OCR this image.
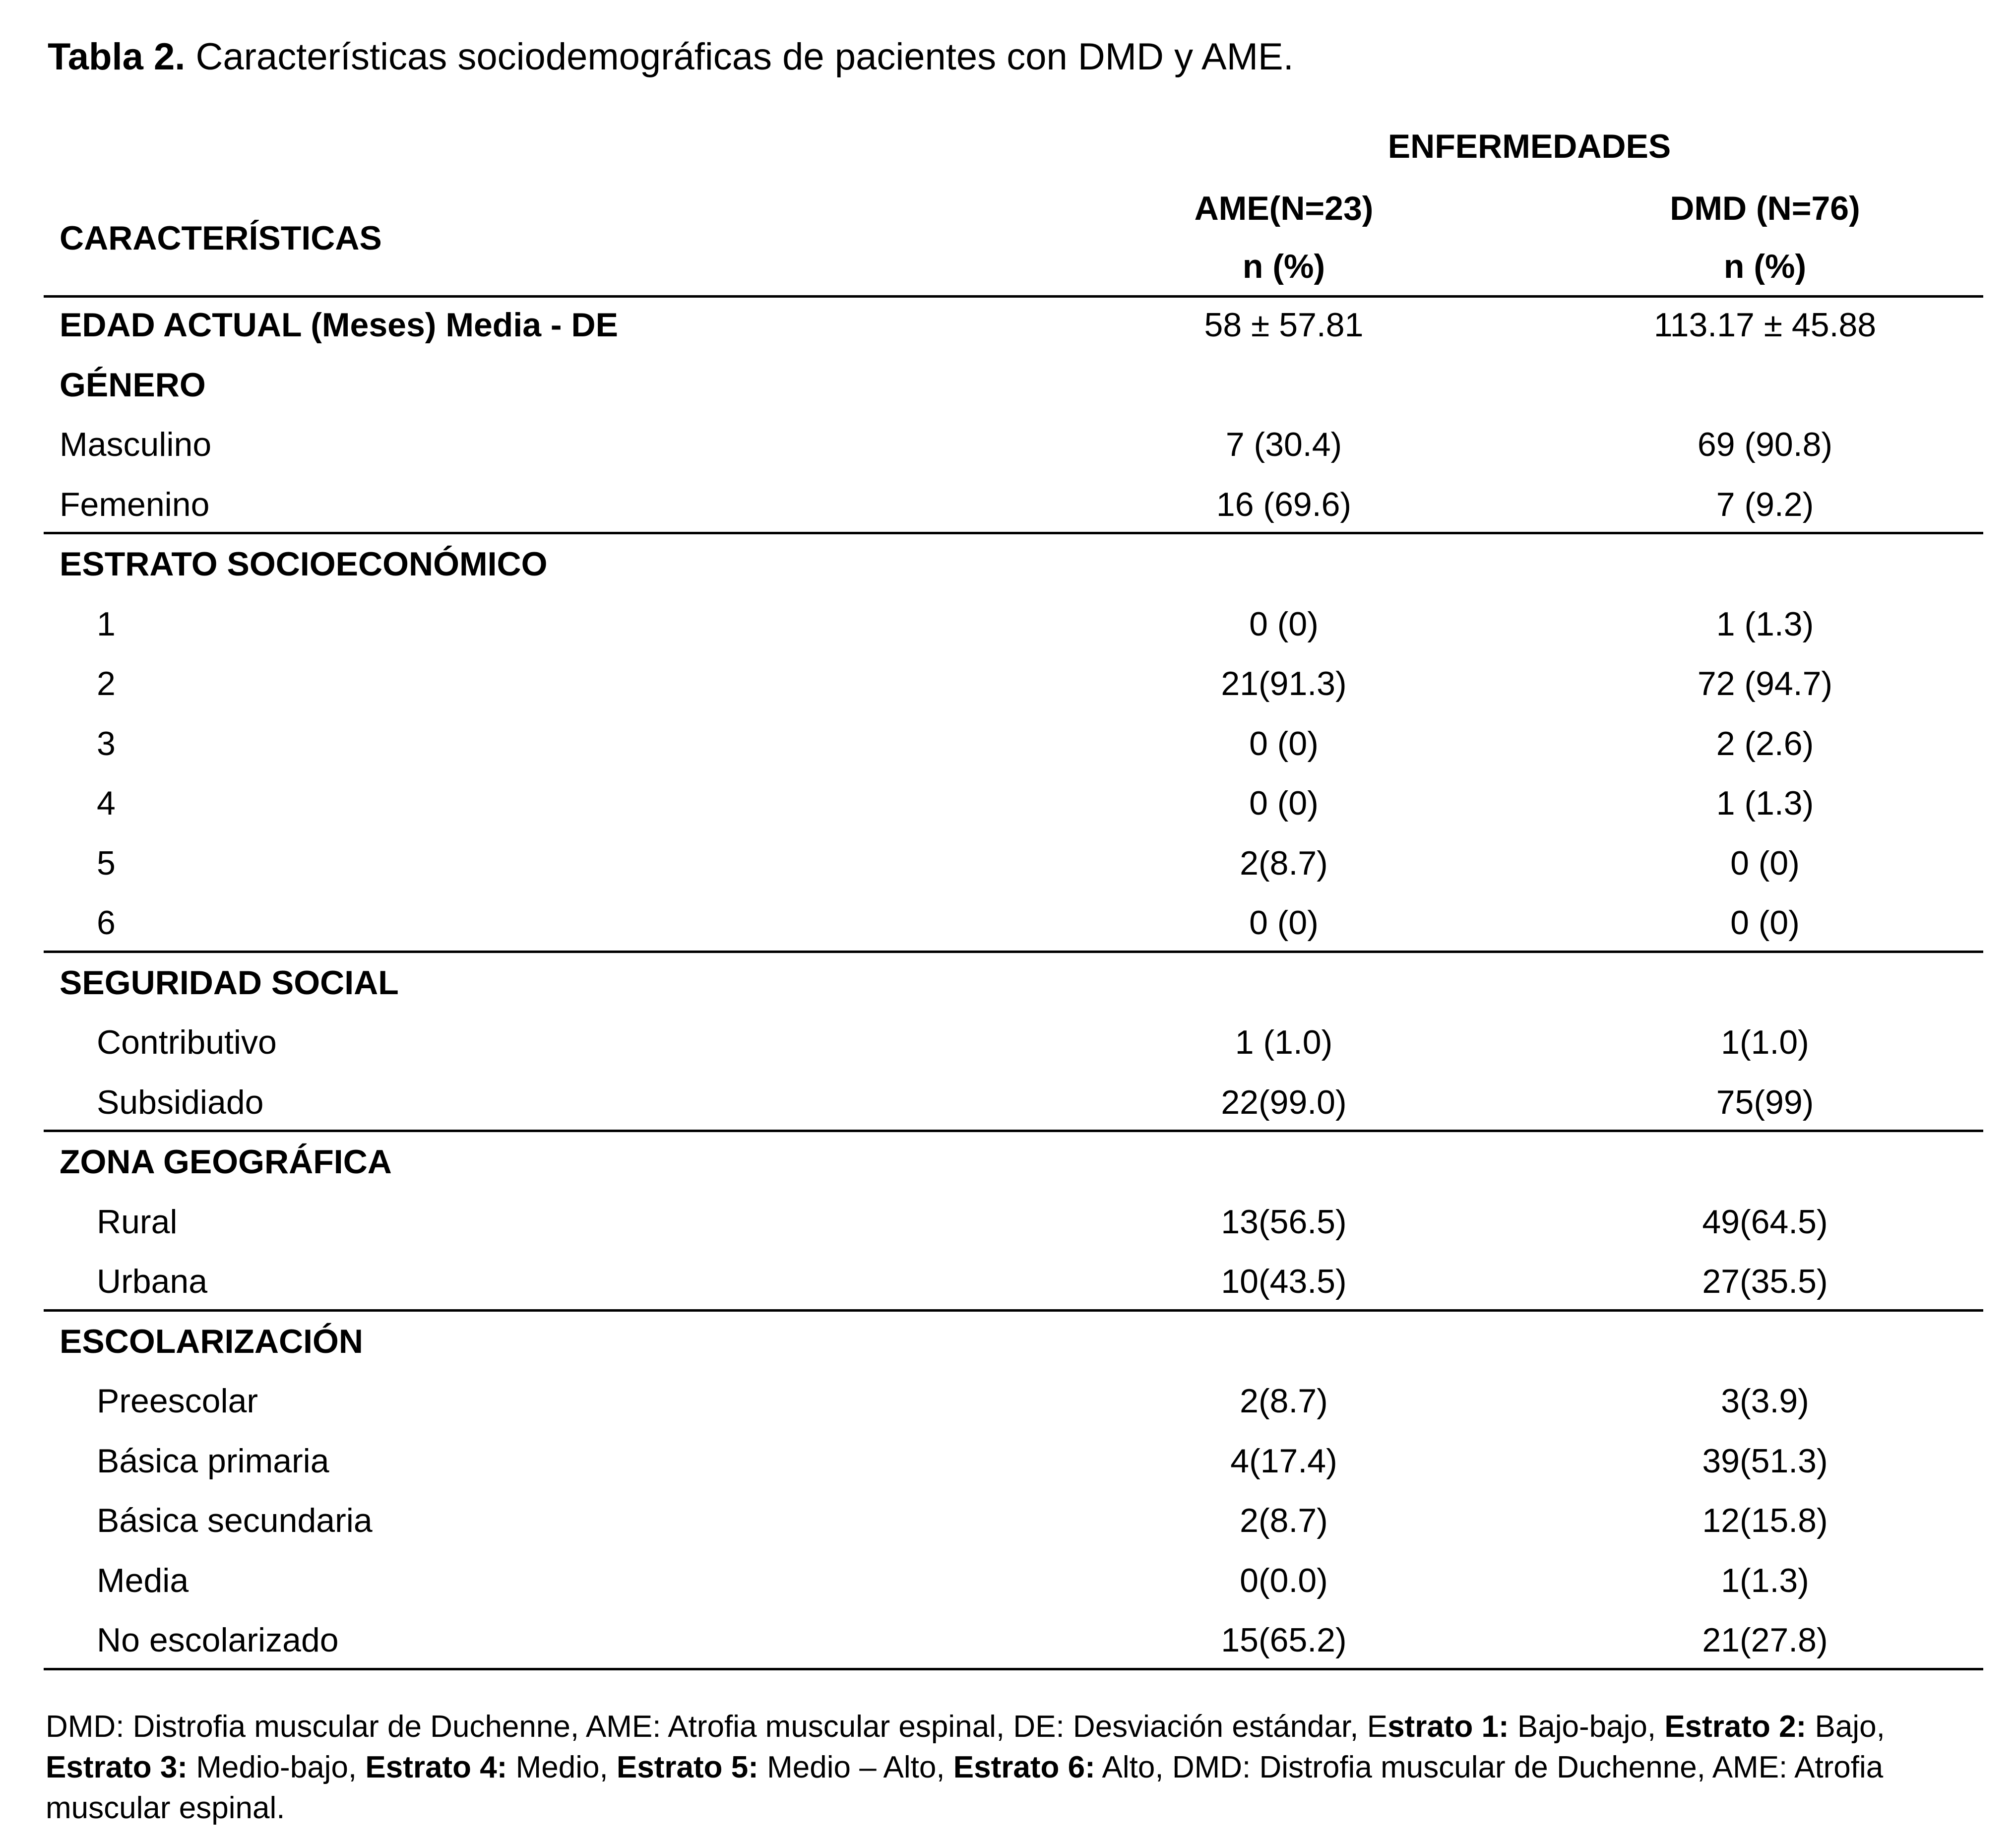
Tabla 2. Características sociodemográficas de pacientes con DMD y AME.
ENFERMEDADES
CARACTERÍSTICAS
AME(N=23)	DMD (N=76)
n (%)	n (%)
EDAD ACTUAL (Meses) Media - DE	58 ± 57.81	113.17 ± 45.88
GÉNERO
Masculino	7 (30.4)	69 (90.8)
Femenino	16 (69.6)	7 (9.2)
ESTRATO SOCIOECONÓMICO
1	0 (0)	1 (1.3)
2	21(91.3)	72 (94.7)
3	0 (0)	2 (2.6)
4	0 (0)	1 (1.3)
5	2(8.7)	0 (0)
6	0 (0)	0 (0)
SEGURIDAD SOCIAL
Contributivo	1 (1.0)	1(1.0)
Subsidiado	22(99.0)	75(99)
ZONA GEOGRÁFICA
Rural	13(56.5)	49(64.5)
Urbana	10(43.5)	27(35.5)
ESCOLARIZACIÓN
Preescolar	2(8.7)	3(3.9)
Básica primaria	4(17.4)	39(51.3)
Básica secundaria	2(8.7)	12(15.8)
Media	0(0.0)	1(1.3)
No escolarizado	15(65.2)	21(27.8)
DMD: Distrofia muscular de Duchenne, AME: Atrofia muscular espinal, DE: Desviación estándar, Estrato 1: Bajo-bajo, Estrato 2: Bajo, Estrato 3: Medio-bajo, Estrato 4: Medio, Estrato 5: Medio – Alto, Estrato 6: Alto, DMD: Distrofia muscular de Duchenne, AME: Atrofia muscular espinal.
